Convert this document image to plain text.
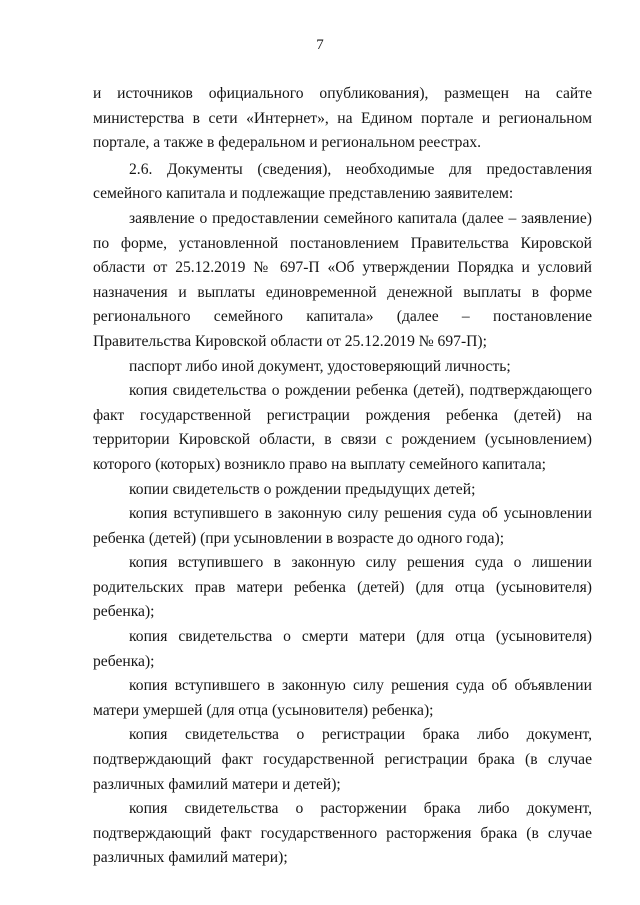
7

и источников официального опубликования), размещен на сайте министерства в сети «Интернет», на Едином портале и региональном портале, а также в федеральном и региональном реестрах.

2.6. Документы (сведения), необходимые для предоставления семейного капитала и подлежащие представлению заявителем:

заявление о предоставлении семейного капитала (далее – заявление) по форме, установленной постановлением Правительства Кировской области от 25.12.2019 № 697-П «Об утверждении Порядка и условий назначения и выплаты единовременной денежной выплаты в форме регионального семейного капитала» (далее – постановление Правительства Кировской области от 25.12.2019 № 697-П);

паспорт либо иной документ, удостоверяющий личность;

копия свидетельства о рождении ребенка (детей), подтверждающего факт государственной регистрации рождения ребенка (детей) на территории Кировской области, в связи с рождением (усыновлением) которого (которых) возникло право на выплату семейного капитала;

копии свидетельств о рождении предыдущих детей;

копия вступившего в законную силу решения суда об усыновлении ребенка (детей) (при усыновлении в возрасте до одного года);

копия вступившего в законную силу решения суда о лишении родительских прав матери ребенка (детей) (для отца (усыновителя) ребенка);

копия свидетельства о смерти матери (для отца (усыновителя) ребенка);

копия вступившего в законную силу решения суда об объявлении матери умершей (для отца (усыновителя) ребенка);

копия свидетельства о регистрации брака либо документ, подтверждающий факт государственной регистрации брака (в случае различных фамилий матери и детей);

копия свидетельства о расторжении брака либо документ, подтверждающий факт государственного расторжения брака (в случае различных фамилий матери);
